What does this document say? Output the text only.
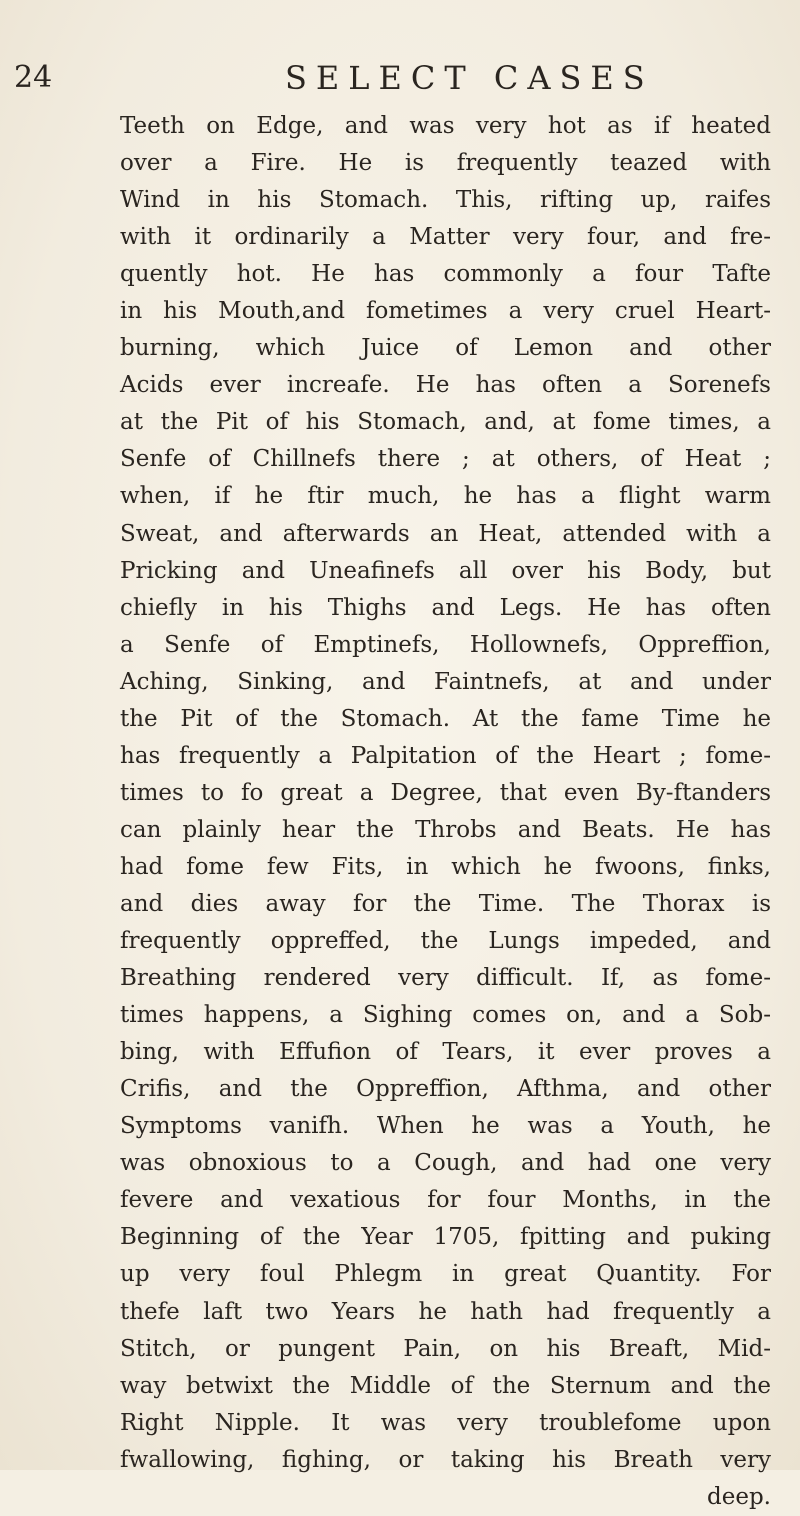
24	SELECT CASES
Teeth on Edge, and was very hot as if heated
over a Fire. He is frequently teazed with
Wind in his Stomach. This, rifting up, raifes
with it ordinarily a Matter very four, and fre-
quently hot. He has commonly a four Tafte
in his Mouth,and fometimes a very cruel Heart-
burning, which Juice of Lemon and other
Acids ever increafe. He has often a Sorenefs
at the Pit of his Stomach, and, at fome times, a
Senfe of Chillnefs there ; at others, of Heat ;
when, if he ftir much, he has a flight warm
Sweat, and afterwards an Heat, attended with a
Pricking and Uneafinefs all over his Body, but
chiefly in his Thighs and Legs. He has often
a Senfe of Emptinefs, Hollownefs, Oppreffion,
Aching, Sinking, and Faintnefs, at and under
the Pit of the Stomach. At the fame Time he
has frequently a Palpitation of the Heart ; fome-
times to fo great a Degree, that even By-ftanders
can plainly hear the Throbs and Beats. He has
had fome few Fits, in which he fwoons, finks,
and dies away for the Time. The Thorax is
frequently oppreffed, the Lungs impeded, and
Breathing rendered very difficult. If, as fome-
times happens, a Sighing comes on, and a Sob-
bing, with Effufion of Tears, it ever proves a
Crifis, and the Oppreffion, Afthma, and other
Symptoms vanifh. When he was a Youth, he
was obnoxious to a Cough, and had one very
fevere and vexatious for four Months, in the
Beginning of the Year 1705, fpitting and puking
up very foul Phlegm in great Quantity. For
thefe laft two Years he hath had frequently a
Stitch, or pungent Pain, on his Breaft, Mid-
way betwixt the Middle of the Sternum and the
Right Nipple. It was very troublefome upon
fwallowing, fighing, or taking his Breath very
deep.
